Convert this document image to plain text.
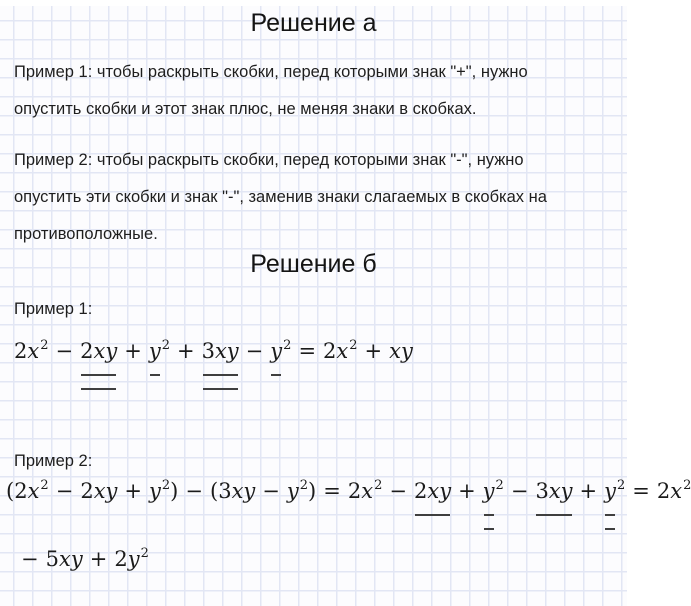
Решение а
Пример 1: чтобы раскрыть скобки, перед которыми знак "+", нужно
опустить скобки и этот знак плюс, не меняя знаки в скобках.
Пример 2: чтобы раскрыть скобки, перед которыми знак "-", нужно
опустить эти скобки и знак "-", заменив знаки слагаемых в скобках на
противоположные.
Решение б
Пример 1:
$2x^2 - 2xy + y^2 + 3xy - y^2 = 2x^2$ + xy
Пример 2:
$(2x^2 - 2xy + y^2) - (3xy - y^2) = 2x^2 - 2xy + y^2 - 3xy + y^2 = 2x^2$
− $5xy + 2y^2$
